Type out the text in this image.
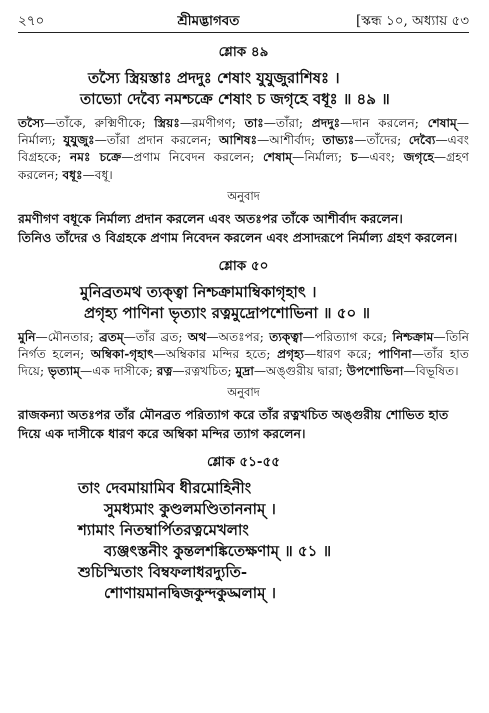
২৭০	শ্রীমদ্ভাগবত	[স্কন্ধ ১০, অধ্যায় ৫৩
শ্লোক ৪৯
তস্যৈ স্ত্রিয়স্তাঃ প্রদদুঃ শেষাং যুযুজুরাশিষঃ ।
তাভ্যো দেব্যৈ নমশ্চক্রে শেষাং চ জগৃহে বধূঃ ॥ ৪৯ ॥
তস্যৈ—তাঁকে, রুক্মিণীকে; স্ত্রিয়ঃ—রমণীগণ; তাঃ—তাঁরা; প্রদদুঃ—দান করলেন; শেষাম্—নির্মাল্য; যুযুজুঃ—তাঁরা প্রদান করলেন; আশিষঃ—আশীর্বাদ; তাভ্যঃ—তাঁদের; দেব্যৈ—এবং বিগ্রহকে; নমঃ চক্রে—প্রণাম নিবেদন করলেন; শেষাম্—নির্মাল্য; চ—এবং; জগৃহে—গ্রহণ করলেন; বধূঃ—বধূ।
অনুবাদ

রমণীগণ বধূকে নির্মাল্য প্রদান করলেন এবং অতঃপর তাঁকে আশীর্বাদ করলেন।

তিনিও তাঁদের ও বিগ্রহকে প্রণাম নিবেদন করলেন এবং প্রসাদরূপে নির্মাল্য গ্রহণ করলেন।

শ্লোক ৫০
মুনিব্রতমথ ত্যক্ত্বা নিশ্চক্রামাম্বিকাগৃহাৎ ।
প্রগৃহ্য পাণিনা ভৃত্যাং রত্নমুদ্রোপশোভিনা ॥ ৫০ ॥
মুনি—মৌনতার; ব্রতম্—তাঁর ব্রত; অথ—অতঃপর; ত্যক্ত্বা—পরিত্যাগ করে; নিশ্চক্রাম—তিনি নির্গত হলেন; অম্বিকা-গৃহাৎ—অম্বিকার মন্দির হতে; প্রগৃহ্য—ধারণ করে; পাণিনা—তাঁর হাত দিয়ে; ভৃত্যাম্—এক দাসীকে; রত্ন—রত্নখচিত; মুদ্রা—অঙ্গুরীয় দ্বারা; উপশোভিনা—বিভূষিত।
অনুবাদ

রাজকন্যা অতঃপর তাঁর মৌনব্রত পরিত্যাগ করে তাঁর রত্নখচিত অঙ্গুরীয় শোভিত হাত দিয়ে এক দাসীকে ধারণ করে অম্বিকা মন্দির ত্যাগ করলেন।

শ্লোক ৫১-৫৫
তাং দেবমায়ামিব ধীরমোহিনীং
সুমধ্যমাং কুণ্ডলমণ্ডিতাননাম্ ।
শ্যামাং নিতম্বার্পিতরত্নমেখলাং
ব্যঞ্জৎস্তনীং কুন্তলশঙ্কিতেক্ষণাম্ ॥ ৫১ ॥
শুচিস্মিতাং বিম্বফলাধরদ্যুতি-
শোণায়মানদ্বিজকুন্দকুড্মলাম্ ।
